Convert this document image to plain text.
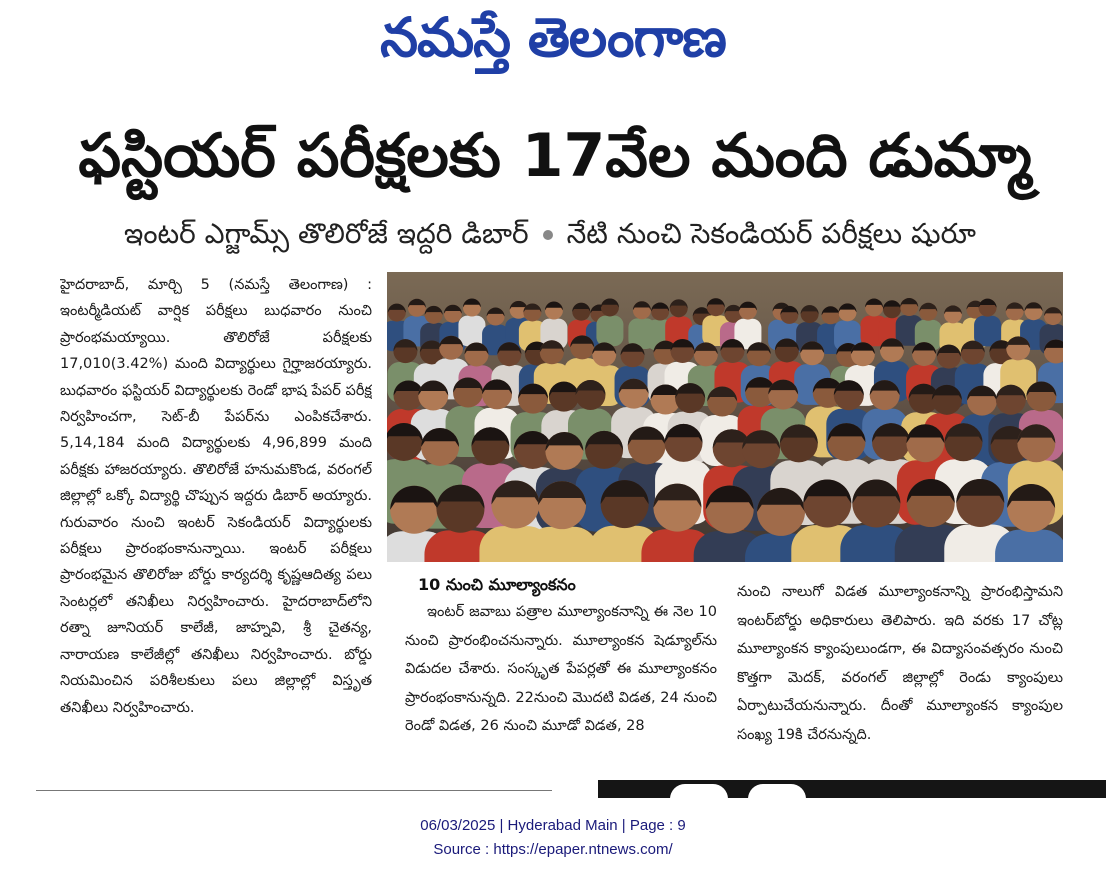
నమస్తే తెలంగాణ
ఫస్టియర్ పరీక్షలకు 17వేల మంది డుమ్మా
ఇంటర్ ఎగ్జామ్స్ తొలిరోజే ఇద్దరి డిబార్ నేటి నుంచి సెకండియర్ పరీక్షలు షురూ

హైదరాబాద్, మార్చి 5 (నమస్తే తెలంగాణ) : ఇంటర్మీడియట్ వార్షిక పరీక్షలు బుధవారం నుంచి ప్రారంభమయ్యాయి. తొలిరోజే పరీక్షలకు 17,010(3.42%) మంది విద్యార్థులు గైర్హాజరయ్యారు. బుధవారం ఫస్టియర్ విద్యార్థులకు రెండో భాష పేపర్ పరీక్ష నిర్వహించగా, సెట్-బీ పేపర్‌ను ఎంపికచేశారు. 5,14,184 మంది విద్యార్థులకు 4,96,899 మంది పరీక్షకు హాజరయ్యారు. తొలిరోజే హనుమకొండ, వరంగల్ జిల్లాల్లో ఒక్కో విద్యార్థి చొప్పున ఇద్దరు డిబార్ అయ్యారు. గురువారం నుంచి ఇంటర్ సెకండియర్ విద్యార్థులకు పరీక్షలు ప్రారంభంకానున్నాయి. ఇంటర్ పరీక్షలు ప్రారంభమైన తొలిరోజు బోర్డు కార్యదర్శి కృష్ణఆదిత్య పలు సెంటర్లలో తనిఖీలు నిర్వహించారు. హైదరాబాద్‌లోని రత్నా జూనియర్ కాలేజీ, జాహ్నవి, శ్రీ చైతన్య, నారాయణ కాలేజీల్లో తనిఖీలు నిర్వహించారు. బోర్డు నియమించిన పరిశీలకులు పలు జిల్లాల్లో విస్తృత తనిఖీలు నిర్వహించారు.

10 నుంచి మూల్యాంకనం
ఇంటర్ జవాబు పత్రాల మూల్యాంకనాన్ని ఈ నెల 10 నుంచి ప్రారంభించనున్నారు. మూల్యాంకన షెడ్యూల్‌ను విడుదల చేశారు. సంస్కృత పేపర్లతో ఈ మూల్యాంకనం ప్రారంభంకానున్నది. 22నుంచి మొదటి విడత, 24 నుంచి రెండో విడత, 26 నుంచి మూడో విడత, 28
నుంచి నాలుగో విడత మూల్యాంకనాన్ని ప్రారంభిస్తామని ఇంటర్‌బోర్డు అధికారులు తెలిపారు. ఇది వరకు 17 చోట్ల మూల్యాంకన క్యాంపులుండగా, ఈ విద్యాసంవత్సరం నుంచి కొత్తగా మెదక్, వరంగల్ జిల్లాల్లో రెండు క్యాంపులు ఏర్పాటుచేయనున్నారు. దీంతో మూల్యాంకన క్యాంపుల సంఖ్య 19కి చేరనున్నది.
06/03/2025 | Hyderabad Main | Page : 9
Source : https://epaper.ntnews.com/
